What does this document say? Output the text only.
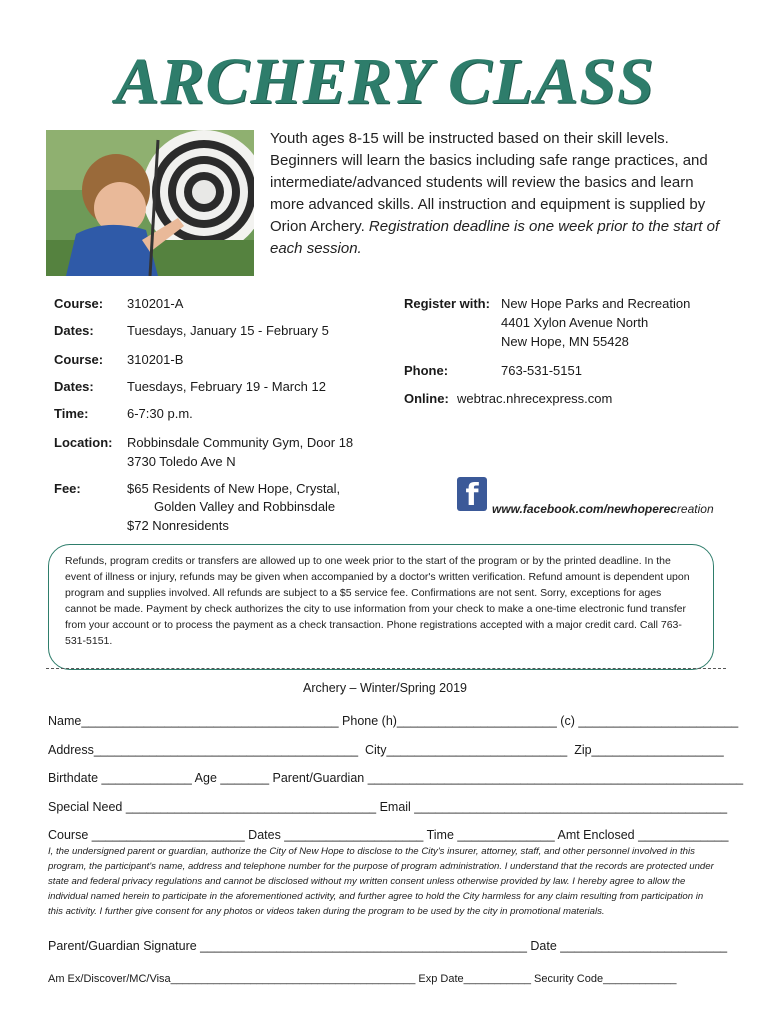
ARCHERY CLASS
Youth ages 8-15 will be instructed based on their skill levels. Beginners will learn the basics including safe range practices, and intermediate/advanced students will review the basics and learn more advanced skills. All instruction and equipment is supplied by Orion Archery. Registration deadline is one week prior to the start of each session.
Course: 310201-A
Dates:	Tuesdays, January 15 - February 5
Course: 310201-B
Dates:	Tuesdays, February 19 - March 12
Time:	6-7:30 p.m.
Location: Robbinsdale Community Gym, Door 18
3730 Toledo Ave N
Fee:	$65 Residents of New Hope, Crystal,
Golden Valley and Robbinsdale
$72 Nonresidents
Register with: New Hope Parks and Recreation
4401 Xylon Avenue North
New Hope, MN 55428
Phone:	763-531-5151
Online: webtrac.nhrecexpress.com
f	www.facebook.com/newhoperecreation
Refunds, program credits or transfers are allowed up to one week prior to the start of the program or by the printed deadline. In the event of illness or injury, refunds may be given when accompanied by a doctor's written verification. Refund amount is dependent upon program and supplies involved. All refunds are subject to a $5 service fee. Confirmations are not sent. Sorry, exceptions for ages cannot be made. Payment by check authorizes the city to use information from your check to make a one-time electronic fund transfer from your account or to process the payment as a check transaction. Phone registrations accepted with a major credit card. Call 763-531-5151.
Archery – Winter/Spring 2019
Name_____________________________________ Phone (h)_______________________ (c) _______________________
Address______________________________________  City__________________________  Zip___________________
Birthdate _____________ Age _______ Parent/Guardian ______________________________________________________
Special Need ____________________________________ Email _____________________________________________
Course ______________________ Dates ____________________ Time ______________ Amt Enclosed _____________
I, the undersigned parent or guardian, authorize the City of New Hope to disclose to the City's insurer, attorney, staff, and other personnel involved in this program, the participant's name, address and telephone number for the purpose of program administration. I understand that the records are protected under state and federal privacy regulations and cannot be disclosed without my written consent unless otherwise provided by law. I hereby agree to allow the individual named herein to participate in the aforementioned activity, and further agree to hold the City harmless for any claim resulting from participation in this activity. I further give consent for any photos or videos taken during the program to be used by the city in promotional materials.
Parent/Guardian Signature _______________________________________________ Date ________________________
Am Ex/Discover/MC/Visa________________________________________ Exp Date___________ Security Code____________
